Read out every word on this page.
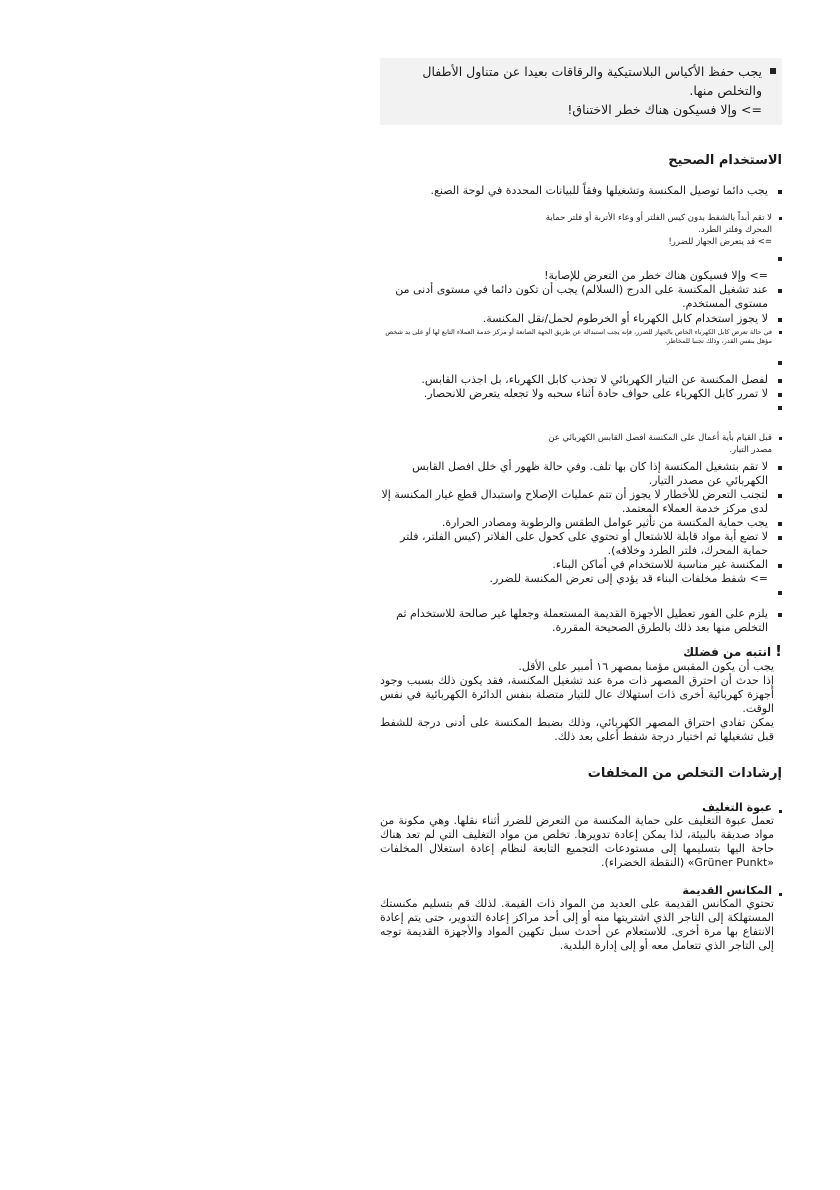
يجب حفظ الأكياس البلاستيكية والرقاقات بعيدا عن متناول الأطفال
والتخلص منها.
=> وإلا فسيكون هناك خطر الاختناق!
الاستخدام الصحيح
يجب دائما توصيل المكنسة وتشغيلها وفقاً للبيانات المحددة في لوحة الصنع.
لا تقم أبداً بالشفط بدون كيس الفلتر أو وعاء الأتربة أو فلتر حماية
المحرك وفلتر الطرد.
=> قد يتعرض الجهاز للضرر!
=> وإلا فسيكون هناك خطر من التعرض للإصابة!
عند تشغيل المكنسة على الدرج (السلالم) يجب أن تكون دائما في مستوى أدنى من مستوى المستخدم.
لا يجوز استخدام كابل الكهرباء أو الخرطوم لحمل/نقل المكنسة.
في حالة تعرض كابل الكهرباء الخاص بالجهاز للضرر، فإنه يجب استبداله عن طريق الجهة الصانعة أو مركز خدمة العملاء التابع لها أو على يد شخص مؤهل بنفس القدر، وذلك تجنبا للمخاطر.
لفصل المكنسة عن التيار الكهربائي لا تجذب كابل الكهرباء، بل اجذب القابس.
لا تمرر كابل الكهرباء على حواف حادة أثناء سحبه ولا تجعله يتعرض للانحصار.
قبل القيام بأية أعمال على المكنسة افصل القابس الكهربائي عن
مصدر التيار.
لا تقم بتشغيل المكنسة إذا كان بها تلف. وفي حالة ظهور أي خلل افصل القابس الكهربائي عن مصدر التيار.
لتجنب التعرض للأخطار لا يجوز أن تتم عمليات الإصلاح واستبدال قطع غيار المكنسة إلا لدى مركز خدمة العملاء المعتمد.
يجب حماية المكنسة من تأثير عوامل الطقس والرطوبة ومصادر الحرارة.
لا تضع أية مواد قابلة للاشتعال أو تحتوي على كحول على الفلاتر (كيس الفلتر، فلتر حماية المحرك، فلتر الطرد وخلافه).
المكنسة غير مناسبة للاستخدام في أماكن البناء.
=> شفط مخلفات البناء قد يؤدي إلى تعرض المكنسة للضرر.
يلزم على الفور تعطيل الأجهزة القديمة المستعملة وجعلها غير صالحة للاستخدام ثم التخلص منها بعد ذلك بالطرق الصحيحة المقررة.
!انتبه من فضلك
يجب أن يكون المقبس مؤمنا بمصهر ١٦ أمبير على الأقل.
إذا حدث أن احترق المصهر ذات مرة عند تشغيل المكنسة، فقد يكون ذلك بسبب وجود أجهزة كهربائية أخرى ذات استهلاك عال للتيار متصلة بنفس الدائرة الكهربائية في نفس الوقت.
يمكن تفادي احتراق المصهر الكهربائي، وذلك بضبط المكنسة على أدنى درجة للشفط قبل تشغيلها ثم اختيار درجة شفط أعلى بعد ذلك.
إرشادات التخلص من المخلفات
عبوة التغليف
تعمل عبوة التغليف على حماية المكنسة من التعرض للضرر أثناء نقلها. وهي مكونة من مواد صديقة بالبيئة، لذا يمكن إعادة تدويرها. تخلص من مواد التغليف التي لم تعد هناك حاجة اليها بتسليمها إلى مستودعات التجميع التابعة لنظام إعادة استغلال المخلفات «Grüner Punkt» (النقطة الخضراء).
المكانس القديمة
تحتوي المكانس القديمة على العديد من المواد ذات القيمة. لذلك قم بتسليم مكنستك المستهلكة إلى التاجر الذي اشتريتها منه أو إلى أحد مراكز إعادة التدوير، حتى يتم إعادة الانتفاع بها مرة أخرى. للاستعلام عن أحدث سبل تكهين المواد والأجهزة القديمة توجه إلى التاجر الذي تتعامل معه أو إلى إدارة البلدية.
